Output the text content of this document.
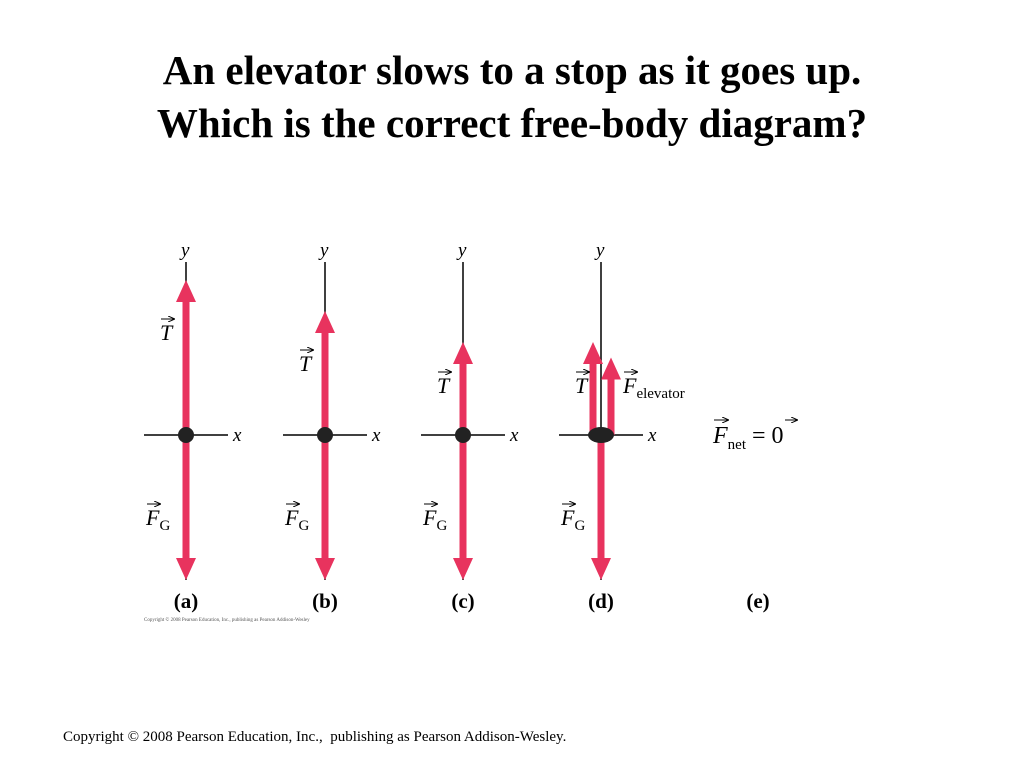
An elevator slows to a stop as it goes up.
Which is the correct free-body diagram?
y
x
T
$F_G$
(a)
y
x
T
$F_G$
(b)
y
x
T
$F_G$
(c)
y
x
T $F_{elevator}$
$F_G$
(d)
$F_{net} = 0$
(e)
Copyright © 2008 Pearson Education, Inc., publishing as Pearson Addison-Wesley
Copyright © 2008 Pearson Education, Inc.,  publishing as Pearson Addison-Wesley.
